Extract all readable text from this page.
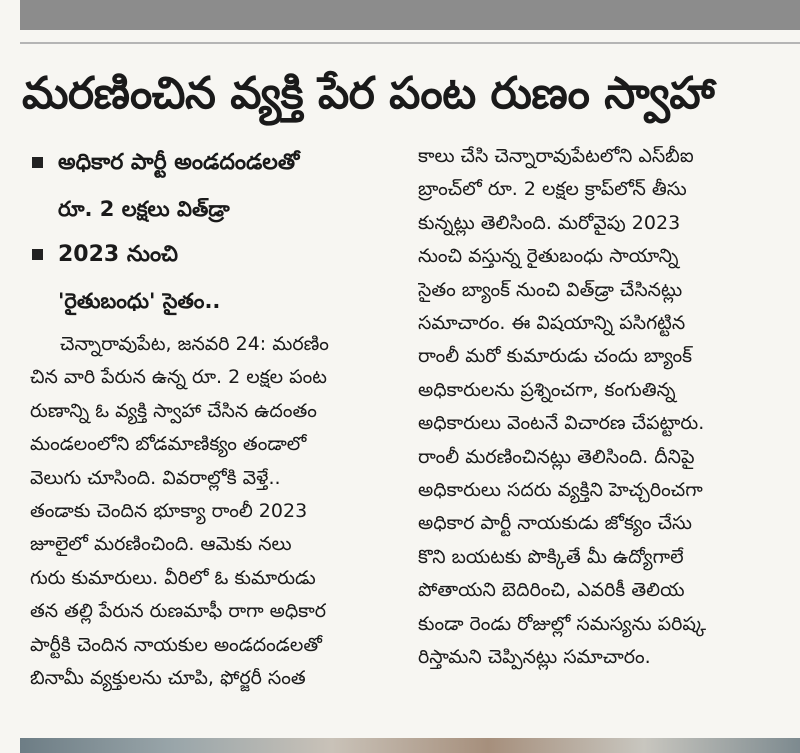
మరణించిన వ్యక్తి పేర పంట రుణం స్వాహా
అధికార పార్టీ అండదండలతో
రూ. 2 లక్షలు విత్‌డ్రా
2023 నుంచి
'రైతుబంధు' సైతం..
చెన్నారావుపేట, జనవరి 24: మరణిం
చిన వారి పేరున ఉన్న రూ. 2 లక్షల పంట
రుణాన్ని ఓ వ్యక్తి స్వాహా చేసిన ఉదంతం
మండలంలోని బోడమాణిక్యం తండాలో
వెలుగు చూసింది. వివరాల్లోకి వెళ్తే..
తండాకు చెందిన భూక్యా రాంలీ 2023
జూలైలో మరణించింది. ఆమెకు నలు
గురు కుమారులు. వీరిలో ఓ కుమారుడు
తన తల్లి పేరున రుణమాఫీ రాగా అధికార
పార్టీకి చెందిన నాయకుల అండదండలతో
బినామీ వ్యక్తులను చూపి, ఫోర్జరీ సంత
కాలు చేసి చెన్నారావుపేటలోని ఎస్‌బీఐ
బ్రాంచ్‌లో రూ. 2 లక్షల క్రాప్‌లోన్ తీసు
కున్నట్లు తెలిసింది. మరోవైపు 2023
నుంచి వస్తున్న రైతుబంధు సాయాన్ని
సైతం బ్యాంక్ నుంచి విత్‌డ్రా చేసినట్లు
సమాచారం. ఈ విషయాన్ని పసిగట్టిన
రాంలీ మరో కుమారుడు చందు బ్యాంక్
అధికారులను ప్రశ్నించగా, కంగుతిన్న
అధికారులు వెంటనే విచారణ చేపట్టారు.
రాంలీ మరణించినట్లు తెలిసింది. దీనిపై
అధికారులు సదరు వ్యక్తిని హెచ్చరించగా
అధికార పార్టీ నాయకుడు జోక్యం చేసు
కొని బయటకు పొక్కితే మీ ఉద్యోగాలే
పోతాయని బెదిరించి, ఎవరికీ తెలియ
కుండా రెండు రోజుల్లో సమస్యను పరిష్క
రిస్తామని చెప్పినట్లు సమాచారం.
